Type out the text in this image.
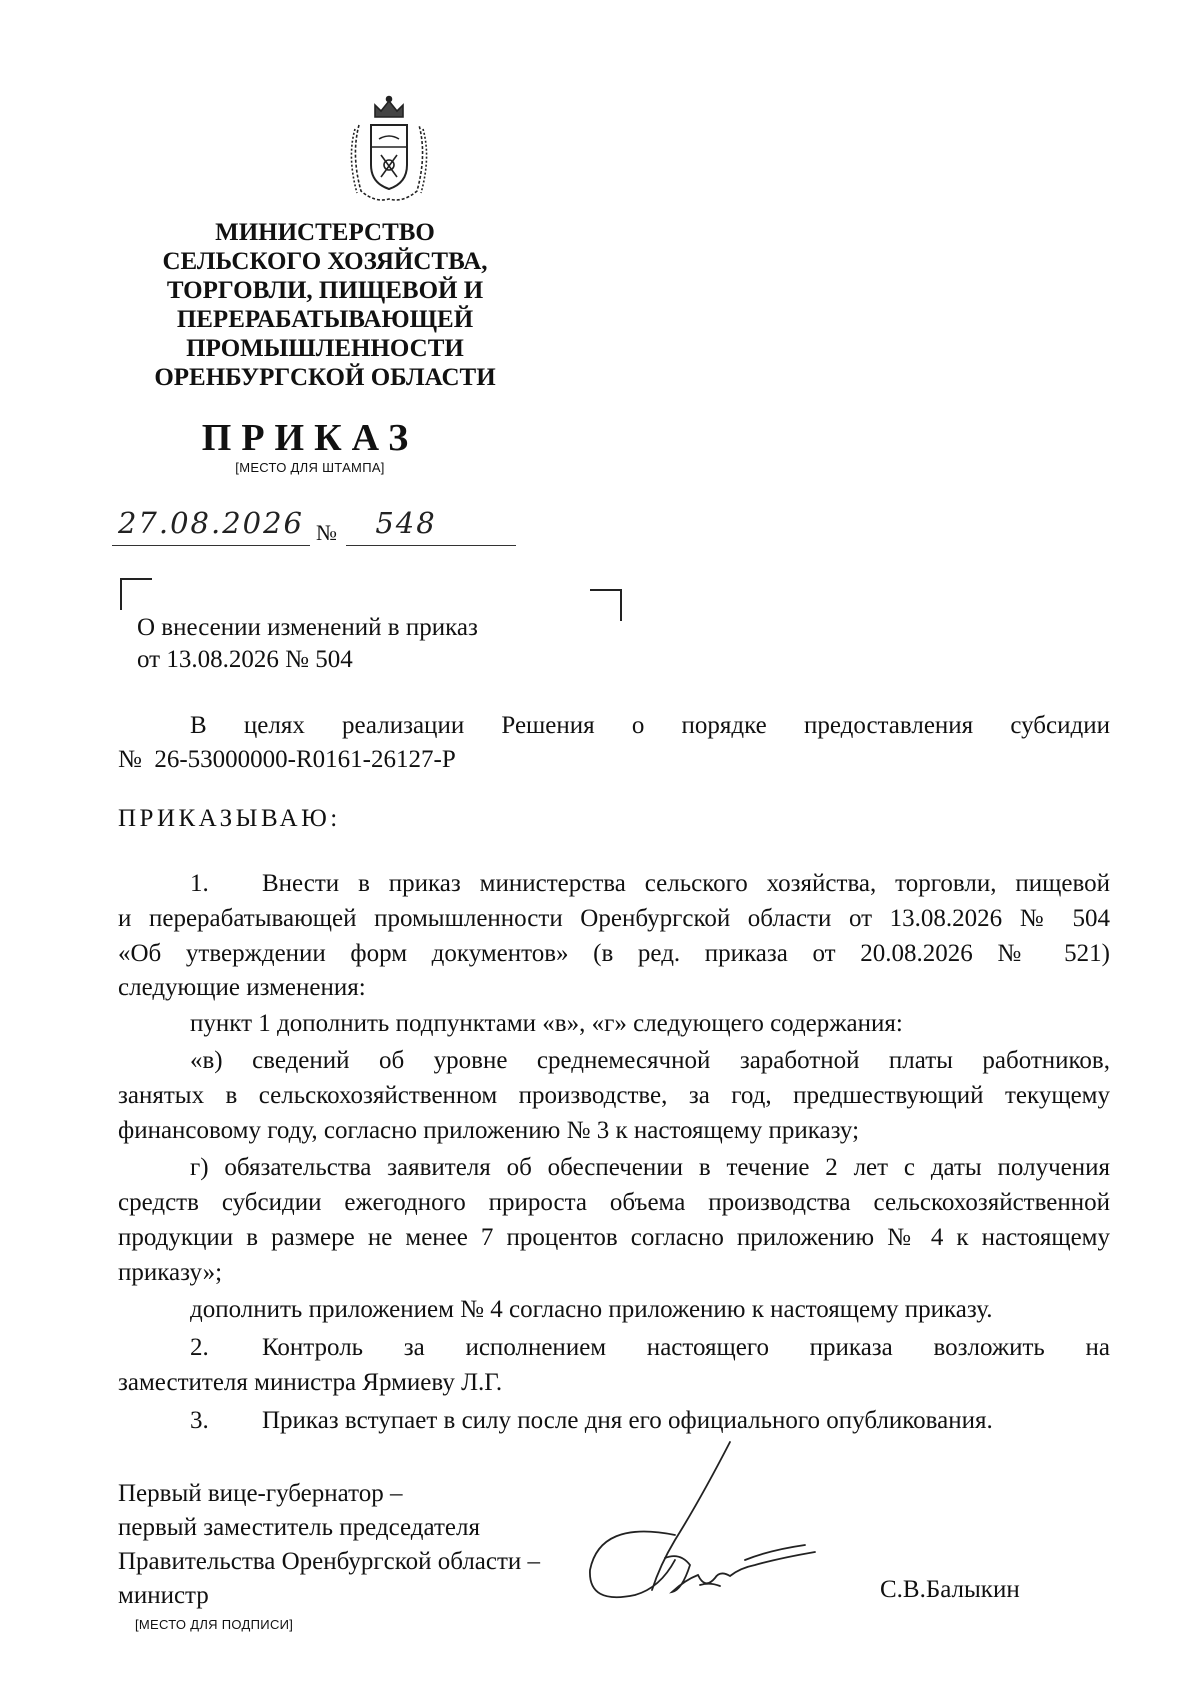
МИНИСТЕРСТВО
СЕЛЬСКОГО ХОЗЯЙСТВА,
ТОРГОВЛИ, ПИЩЕВОЙ И
ПЕРЕРАБАТЫВАЮЩЕЙ
ПРОМЫШЛЕННОСТИ
ОРЕНБУРГСКОЙ ОБЛАСТИ
ПРИКАЗ
[МЕСТО ДЛЯ ШТАМПА]
27.08.2026 №	548
О внесении изменений в приказ
от 13.08.2026 № 504
В целях реализации Решения о порядке предоставления субсидии
№  26-53000000-R0161-26127-Р
ПРИКАЗЫВАЮ:
1. Внести в приказ министерства сельского хозяйства, торговли, пищевой
и перерабатывающей промышленности Оренбургской области от 13.08.2026 № 504
«Об утверждении форм документов» (в ред. приказа от 20.08.2026 № 521)
следующие изменения:
пункт 1 дополнить подпунктами «в», «г» следующего содержания:
«в) сведений об уровне среднемесячной заработной платы работников,
занятых в сельскохозяйственном производстве, за год, предшествующий текущему
финансовому году, согласно приложению № 3 к настоящему приказу;
г) обязательства заявителя об обеспечении в течение 2 лет с даты получения
средств субсидии ежегодного прироста объема производства сельскохозяйственной
продукции в размере не менее 7 процентов согласно приложению № 4 к настоящему
приказу»;
дополнить приложением № 4 согласно приложению к настоящему приказу.
2. Контроль за исполнением настоящего приказа возложить на
заместителя министра Ярмиеву Л.Г.
3. Приказ вступает в силу после дня его официального опубликования.
Первый вице-губернатор –
первый заместитель председателя
Правительства Оренбургской области –
министр
[МЕСТО ДЛЯ ПОДПИСИ]
С.В.Балыкин
